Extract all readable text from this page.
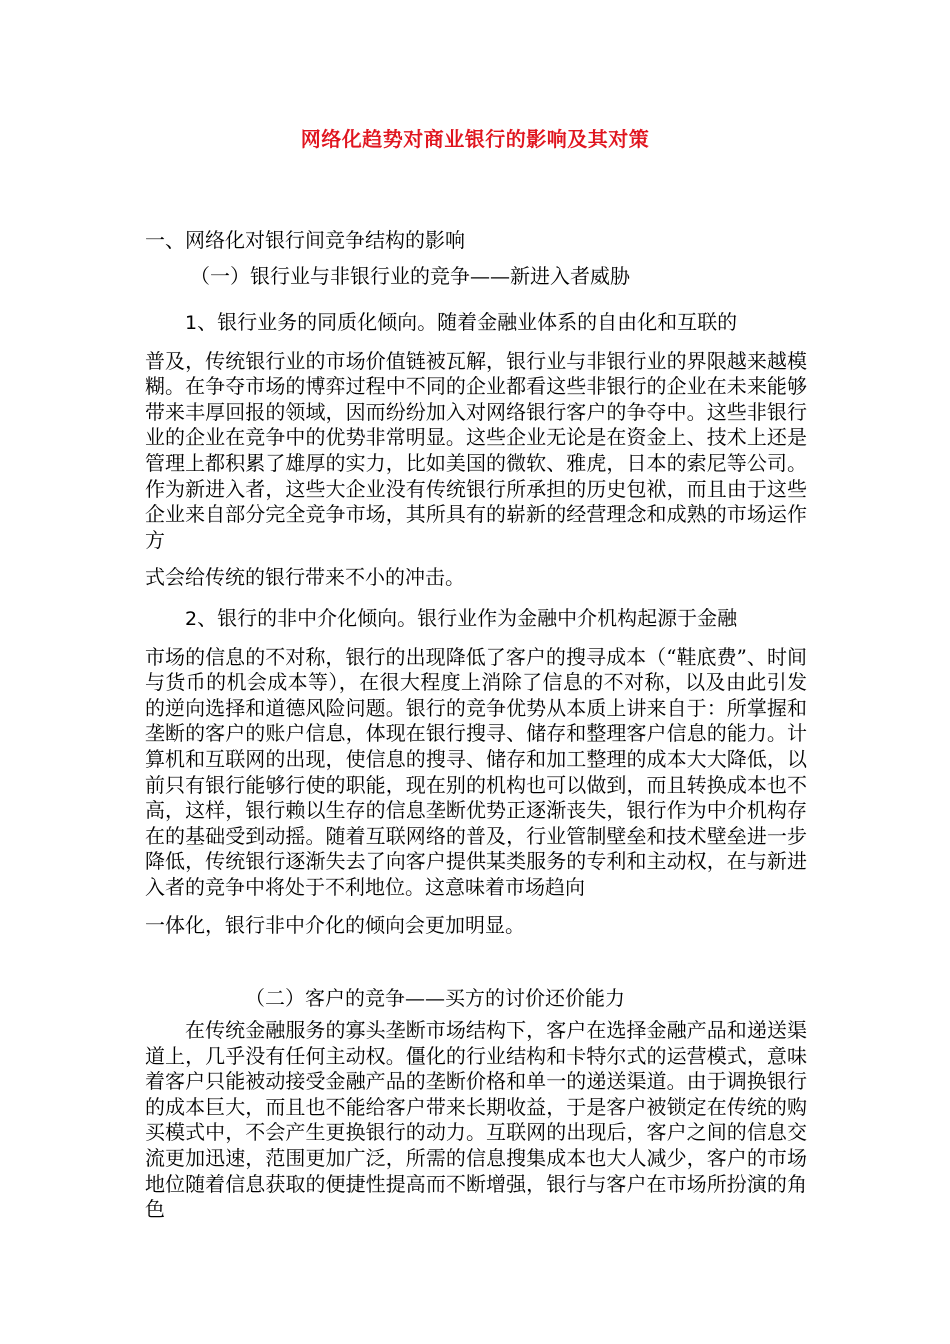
网络化趋势对商业银行的影响及其对策
一、网络化对银行间竞争结构的影响
（一）银行业与非银行业的竞争——新进入者威胁
1、银行业务的同质化倾向。随着金融业体系的自由化和互联的
普及，传统银行业的市场价值链被瓦解，银行业与非银行业的界限越来越模糊。在争夺市场的博弈过程中不同的企业都看这些非银行的企业在未来能够带来丰厚回报的领域，因而纷纷加入对网络银行客户的争夺中。这些非银行业的企业在竞争中的优势非常明显。这些企业无论是在资金上、技术上还是管理上都积累了雄厚的实力，比如美国的微软、雅虎，日本的索尼等公司。作为新进入者，这些大企业没有传统银行所承担的历史包袱，而且由于这些企业来自部分完全竞争市场，其所具有的崭新的经营理念和成熟的市场运作方
式会给传统的银行带来不小的冲击。
2、银行的非中介化倾向。银行业作为金融中介机构起源于金融
市场的信息的不对称，银行的出现降低了客户的搜寻成本（“鞋底费”、时间与货币的机会成本等），在很大程度上消除了信息的不对称，以及由此引发的逆向选择和道德风险问题。银行的竞争优势从本质上讲来自于：所掌握和垄断的客户的账户信息，体现在银行搜寻、储存和整理客户信息的能力。计算机和互联网的出现，使信息的搜寻、储存和加工整理的成本大大降低，以前只有银行能够行使的职能，现在别的机构也可以做到，而且转换成本也不高，这样，银行赖以生存的信息垄断优势正逐渐丧失，银行作为中介机构存在的基础受到动摇。随着互联网络的普及，行业管制壁垒和技术壁垒进一步降低，传统银行逐渐失去了向客户提供某类服务的专利和主动权，在与新进入者的竞争中将处于不利地位。这意味着市场趋向
一体化，银行非中介化的倾向会更加明显。
（二）客户的竞争——买方的讨价还价能力
在传统金融服务的寡头垄断市场结构下，客户在选择金融产品和递送渠道上，几乎没有任何主动权。僵化的行业结构和卡特尔式的运营模式，意味着客户只能被动接受金融产品的垄断价格和单一的递送渠道。由于调换银行的成本巨大，而且也不能给客户带来长期收益，于是客户被锁定在传统的购买模式中，不会产生更换银行的动力。互联网的出现后，客户之间的信息交流更加迅速，范围更加广泛，所需的信息搜集成本也大人减少，客户的市场地位随着信息获取的便捷性提高而不断增强，银行与客户在市场所扮演的角色
